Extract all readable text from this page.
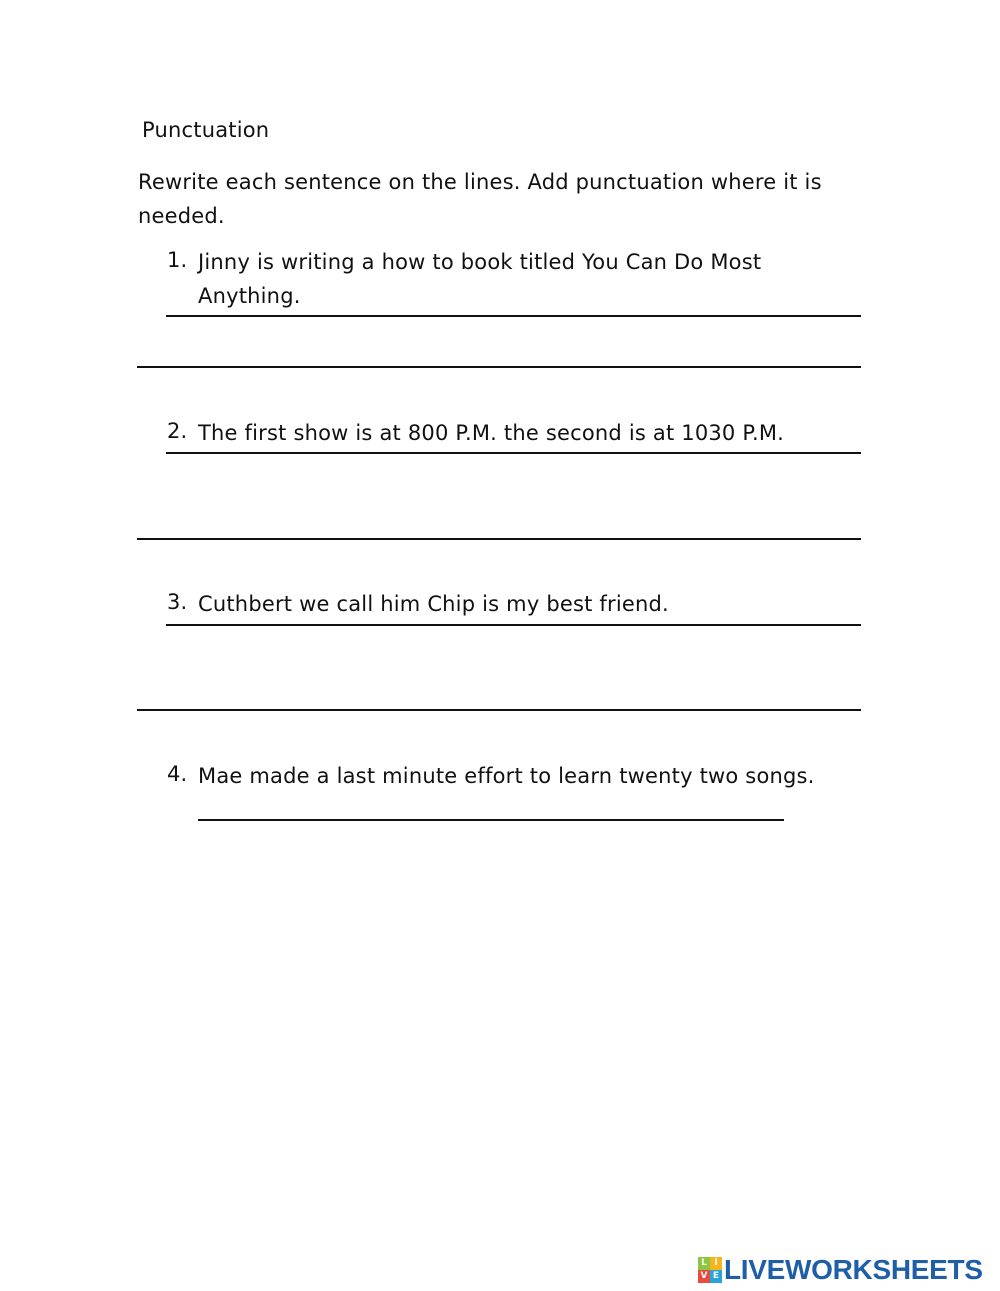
Punctuation
Rewrite each sentence on the lines. Add punctuation where it is needed.
1. Jinny is writing a how to book titled You Can Do Most
Anything.
2. The first show is at 800 P.M. the second is at 1030 P.M.
3. Cuthbert we call him Chip is my best friend.
4. Mae made a last minute effort to learn twenty two songs.
L I
V E LIVEWORKSHEETS
